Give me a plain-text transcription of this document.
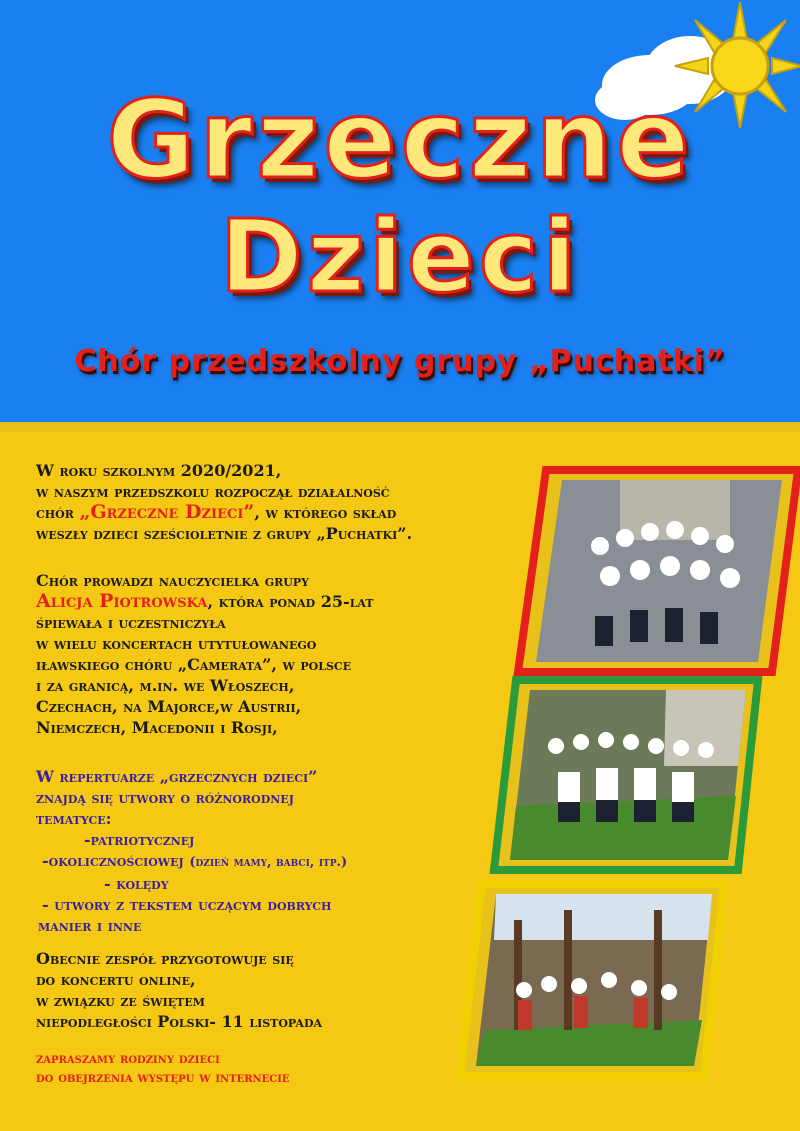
Grzeczne
Dzieci
Chór przedszkolny grupy „Puchatki”

W roku szkolnym 2020/2021,

w naszym przedszkolu rozpoczął działalność

chór „Grzeczne Dzieci”, w którego skład

weszły dzieci sześcioletnie z grupy „Puchatki”.

Chór prowadzi nauczycielka grupy

Alicja Piotrowska, która ponad 25-lat

śpiewała i uczestniczyła

w wielu koncertach utytułowanego

iławskiego chóru „Camerata”, w polsce

i za granicą, m.in. we Włoszech,

Czechach, na Majorce,w Austrii,

Niemczech, Macedonii i Rosji,

W repertuarze „grzecznych dzieci”

znajdą się utwory o różnorodnej

tematyce:

-patriotycznej

-okolicznościowej (dzień mamy, babci, itp.)

- kolędy

- utwory z tekstem uczącym dobrych

manier i inne

Obecnie zespół przygotowuje się

do koncertu online,

w związku ze świętem

niepodległości Polski- 11 listopada

zapraszamy rodziny dzieci

do obejrzenia występu w internecie
